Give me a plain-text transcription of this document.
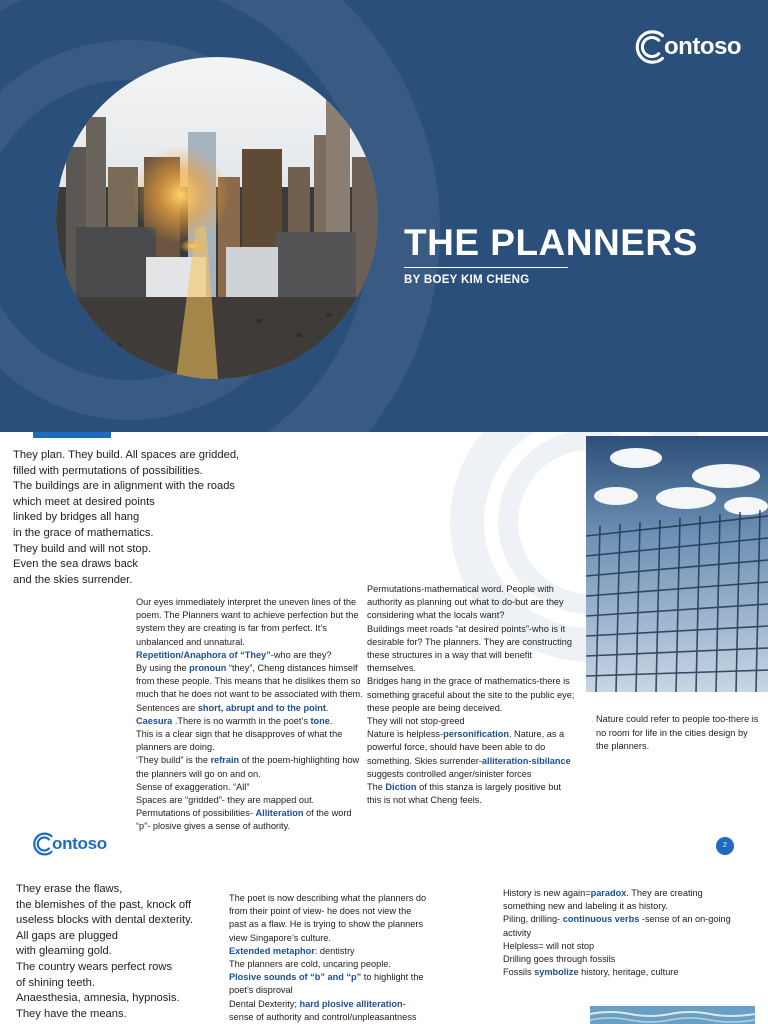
ontoso
THE PLANNERS
BY BOEY KIM CHENG
They plan. They build. All spaces are gridded,
filled with permutations of possibilities.
The buildings are in alignment with the roads
which meet at desired points
linked by bridges all hang
in the grace of mathematics.
They build and will not stop.
Even the sea draws back
and the skies surrender.
Our eyes immediately interpret the uneven lines of the poem. The Planners want to achieve perfection but the system they are creating is far from perfect. It’s unbalanced and unnatural.
Repetition/Anaphora of “They”-who are they?
By using the pronoun “they”, Cheng distances himself from these people. This means that he dislikes them so much that he does not want to be associated with them.
Sentences are short, abrupt and to the point.
Caesura .There is no warmth in the poet’s tone.
This is a clear sign that he disapproves of what the planners are doing.
‘They build” is the refrain of the poem-highlighting how the planners will go on and on.
Sense of exaggeration. “All”
Spaces are “gridded”- they are mapped out.
Permutations of possibilities- Alliteration of the word “p”- plosive gives a sense of authority.
Permutations-mathematical word. People with authority as planning out what to do-but are they considering what the locals want?
Buildings meet roads “at desired points”-who is it desirable for? The planners. They are constructing these structures in a way that will benefit themselves.
Bridges hang in the grace of mathematics-there is something graceful about the site to the public eye; these people are being deceived.
They will not stop-greed
Nature is helpless-personification. Nature, as a powerful force, should have been able to do something. Skies surrender-alliteration-sibilance suggests controlled anger/sinister forces
The Diction of this stanza is largely positive but this is not what Cheng feels.
Nature could refer to people too-there is no room for life in the cities design by the planners.
ontoso	2
They erase the flaws,
the blemishes of the past, knock off
useless blocks with dental dexterity.
All gaps are plugged
with gleaming gold.
The country wears perfect rows
of shining teeth.
Anaesthesia, amnesia, hypnosis.
They have the means.
The poet is now describing what the planners do from their point of view- he does not view the past as a flaw. He is trying to show the planners view Singapore’s culture.
Extended metaphor: dentistry
The planners are cold, uncaring people.
Plosive sounds of “b” and “p” to highlight the poet’s disproval
Dental Dexterity; hard plosive alliteration-sense of authority and control/unpleasantness
History is new again=paradox. They are creating something new and labeling it as history.
Piling, drilling- continuous verbs -sense of an on-going activity
Helpless= will not stop
Drilling goes through fossils
Fossils symbolize history, heritage, culture
